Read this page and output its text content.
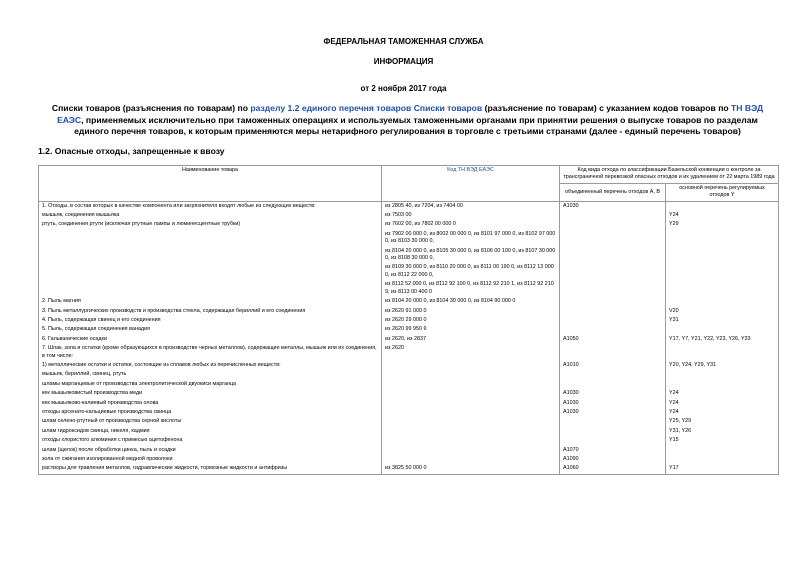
ФЕДЕРАЛЬНАЯ ТАМОЖЕННАЯ СЛУЖБА
ИНФОРМАЦИЯ
от 2 ноября 2017 года
Списки товаров (разъяснения по товарам) по разделу 1.2 единого перечня товаров Списки товаров (разъяснение по товарам) с указанием кодов товаров по ТН ВЭД ЕАЭС, применяемых исключительно при таможенных операциях и используемых таможенными органами при принятии решения о выпуске товаров по разделам единого перечня товаров, к которым применяются меры нетарифного регулирования в торговле с третьими странами (далее - единый перечень товаров)
1.2. Опасные отходы, запрещенные к ввозу
Наименование товара	Код ТН ВЭД ЕАЭС	Код вида отхода по классификации Базельской конвенции о контроле за трансграничной перевозкой опасных отходов и их удалением от 22 марта 1989 года	
		объединенный перечень отходов А, В	основной перечень регулируемых отходов Y
1. Отходы, в состав которых в качестве компонента или загрязнителя входят любые из следующих веществ:	из 2805 40, из 7204, из 7404 00	А1030	
мышьяк, соединения мышьяка	из 7503 00		Y24
ртуть, соединения ртути (исключая ртутные лампы и люминесцентные трубки)	из 7602 00, из 7802 00 000 0		Y29
	из 7902 00 000 0, из 8002 00 000 0, из 8101 97 000 0, из 8102 97 000 0, из 8103 30 000 0,		
	из 8104 20 000 0, из 8105 30 000 0, из 8106 00 100 0, из 8107 30 000 0, из 8108 30 000 0,		
	из 8109 30 000 0, из 8110 20 000 0, из 8111 00 190 0, из 8112 13 000 0, из 8112 22 000 0,		
	из 8112 52 000 0, из 8112 92 100 0, из 8112 92 210 1, из 8112 92 210 9, из 8113 00 400 0		
2. Пыль магния	из 8104 20 000 0, из 8104 30 000 0, из 8104 90 000 0		
3. Пыль металлургических производств и производства стекла, содержащая бериллий и его соединения	из 2620 91 000 0		V20
4. Пыль, содержащая свинец и его соединения	из 2620 29 000 0		Y31
5. Пыль, содержащая соединения ванадия	из 2620 99 950 9		
6. Гальванические осадки	из 2620, из 2837	А1050	Y17, Y7, Y21, Y22, Y23, Y26, Y33
7. Шлак, зола и остатки (кроме образующихся в производстве черных металлов), содержащие металлы, мышьяк или их соединения, в том числе:	из 2620		
1) металлические остатки и остатки, состоящие из сплавов любых из перечисленных веществ:		А1010	Y20, Y24, Y29, Y31
мышьяк, бериллий, свинец, ртуть			
шламы марганцевые от производства электролитической двуокиси марганца			
кек мышьяковистый производства меди		А1030	Y24
кек мышьяково-калиевый производства олова		А1030	Y24
отходы арсенато-кальциевые производства свинца		А1030	Y24
шлам селено-ртутный от производства серной кислоты			Y25, Y29
шлам гидроксидов свинца, никеля, кадмия			Y31, Y26
отходы хлористого алюминия с примесью ацетофенона			Y15
шлам (щелок) после обработки цинка, пыль и осадки		А1070	
зола от сжигания изолированной медной проволоки		А1090	
растворы для травления металлов, гидравлические жидкости, тормозные жидкости и антифризы	из 3825 50 000 0	А1060	Y17
